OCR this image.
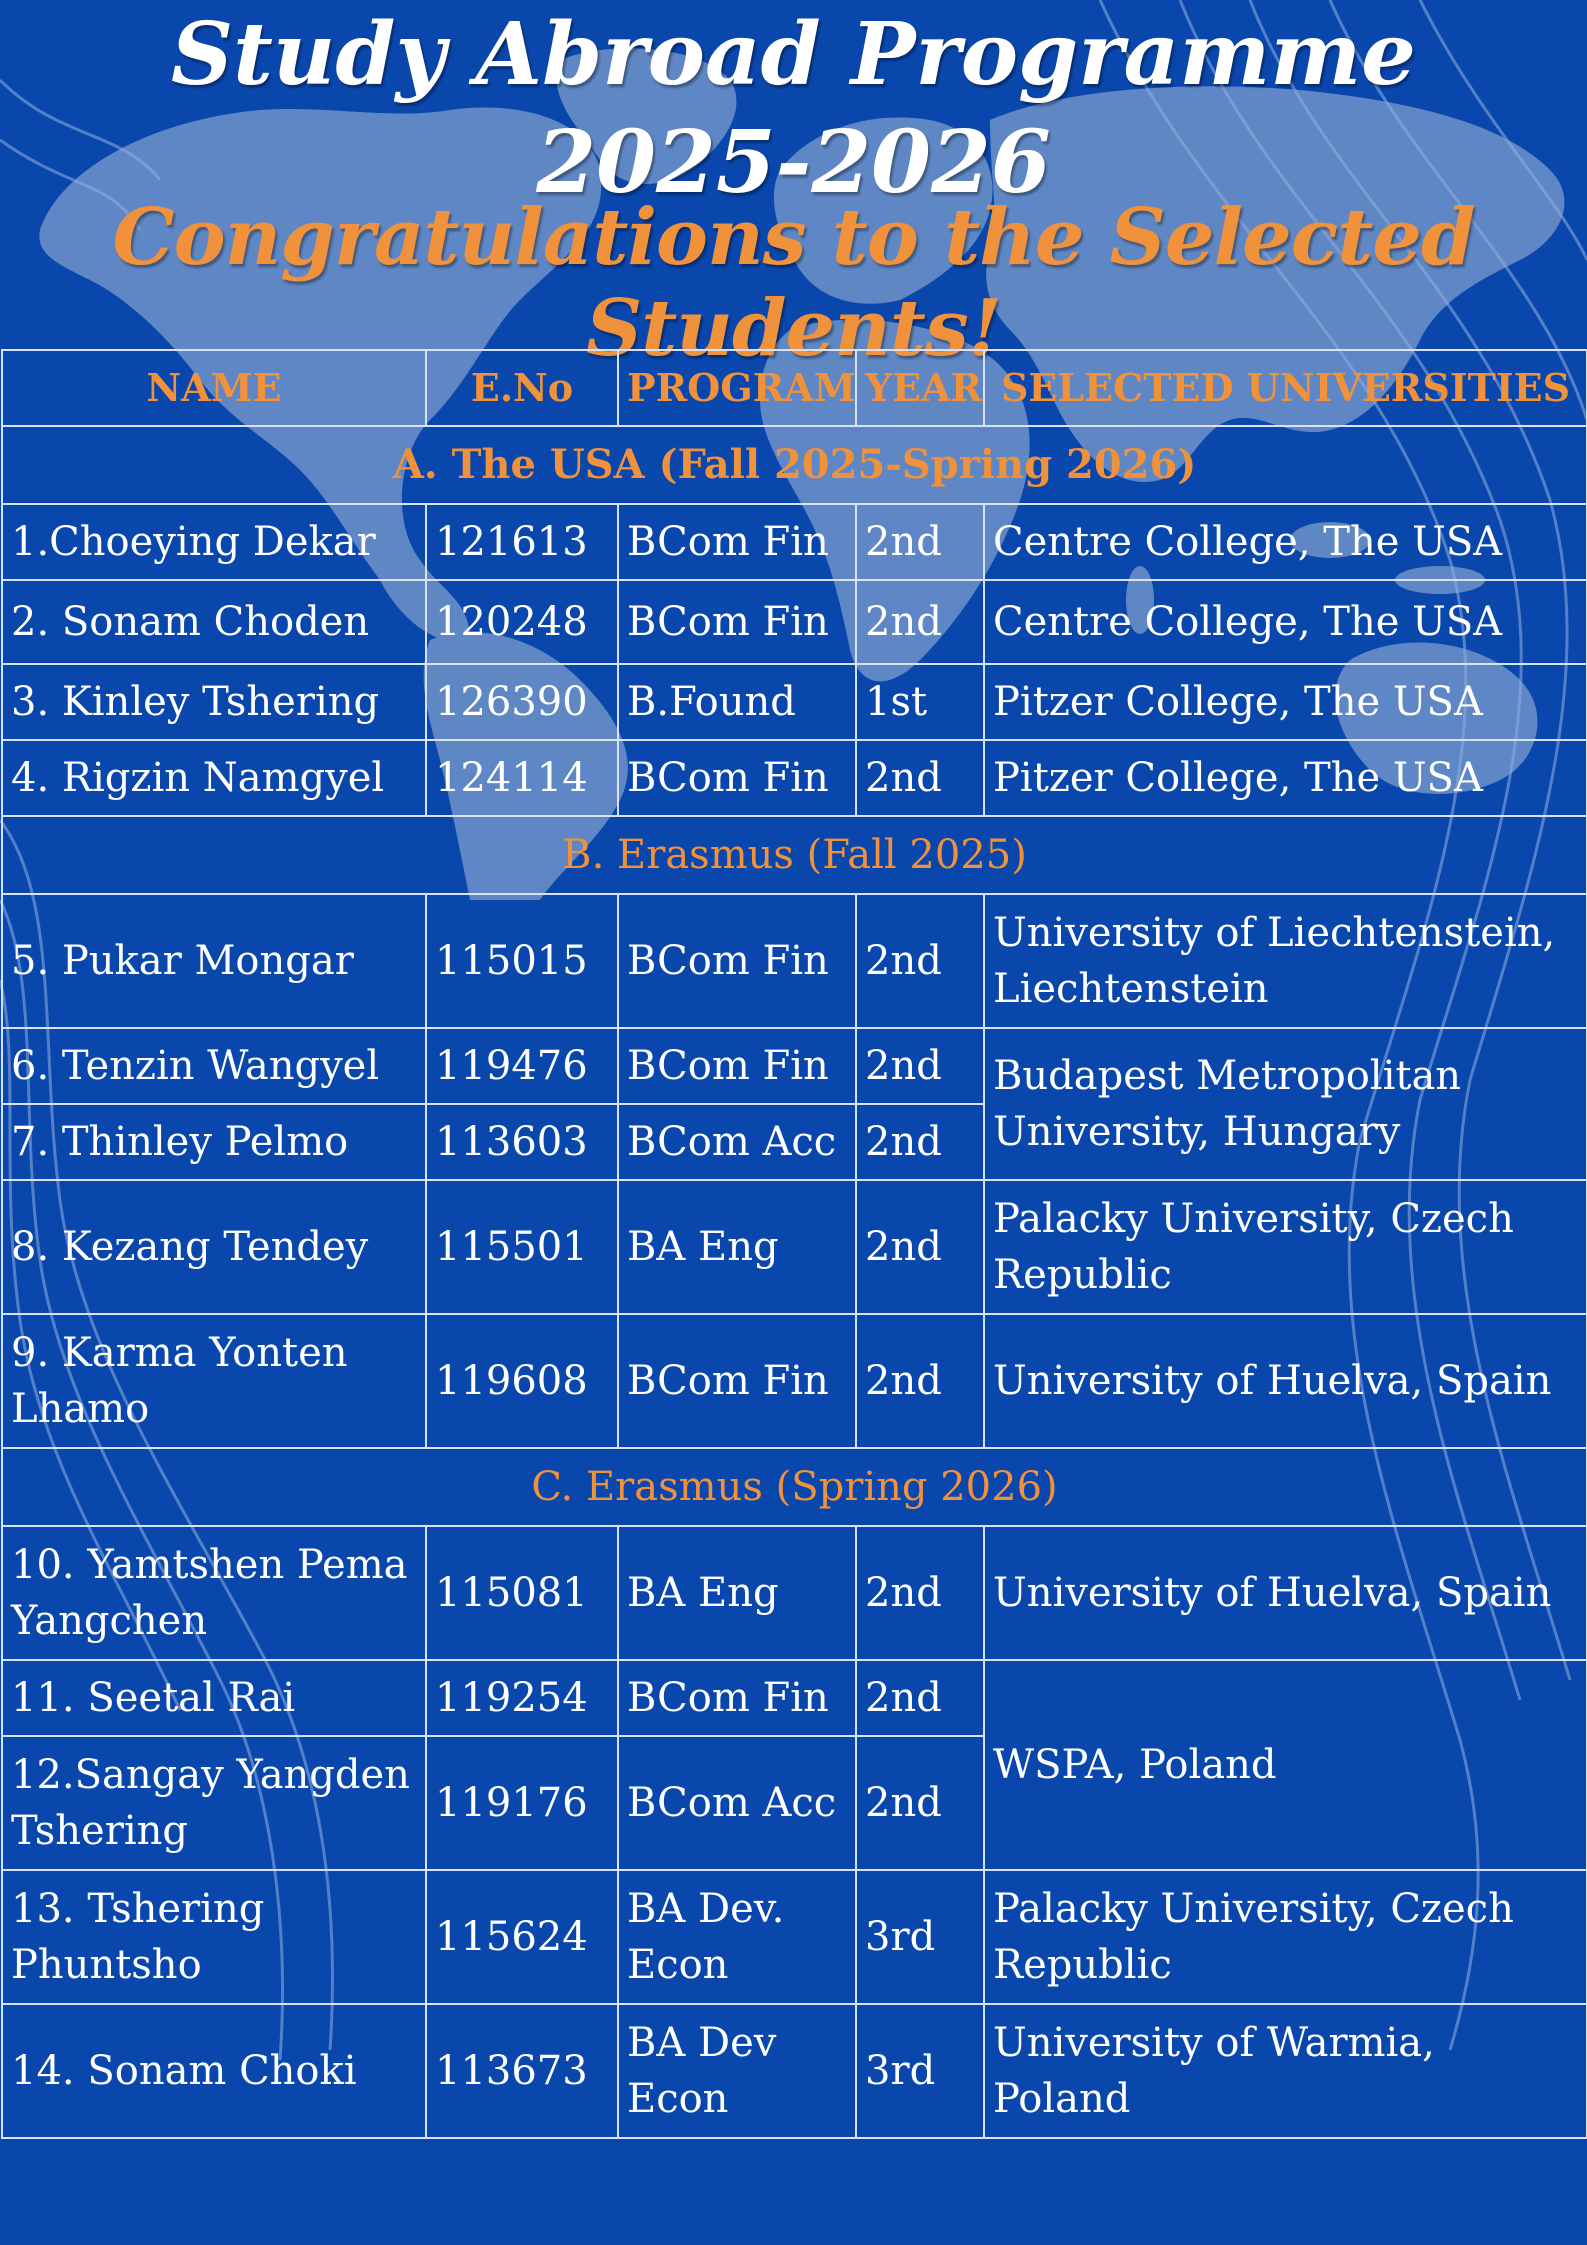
Study Abroad Programme
2025-2026
Congratulations to the Selected Students!
NAME	E.No	PROGRAM	YEAR	SELECTED UNIVERSITIES
A. The USA (Fall 2025-Spring 2026)				
1.Choeying Dekar	121613	BCom Fin	2nd	Centre College, The USA
2. Sonam Choden	120248	BCom Fin	2nd	Centre College, The USA
3. Kinley Tshering	126390	B.Found	1st	Pitzer College, The USA
4. Rigzin Namgyel	124114	BCom Fin	2nd	Pitzer College, The USA
B. Erasmus (Fall 2025)				
5. Pukar Mongar	115015	BCom Fin	2nd	University of Liechtenstein, Liechtenstein
6. Tenzin Wangyel	119476	BCom Fin	2nd	Budapest Metropolitan University, Hungary
7. Thinley Pelmo	113603	BCom Acc	2nd	
8. Kezang Tendey	115501	BA Eng	2nd	Palacky University, Czech Republic
9. Karma Yonten Lhamo	119608	BCom Fin	2nd	University of Huelva, Spain
C. Erasmus (Spring 2026)				
10. Yamtshen Pema Yangchen	115081	BA Eng	2nd	University of Huelva, Spain
11. Seetal Rai	119254	BCom Fin	2nd	WSPA, Poland
12.Sangay Yangden Tshering	119176	BCom Acc	2nd	
13. Tshering Phuntsho	115624	BA Dev. Econ	3rd	Palacky University, Czech Republic
14. Sonam Choki	113673	BA Dev Econ	3rd	University of Warmia, Poland
